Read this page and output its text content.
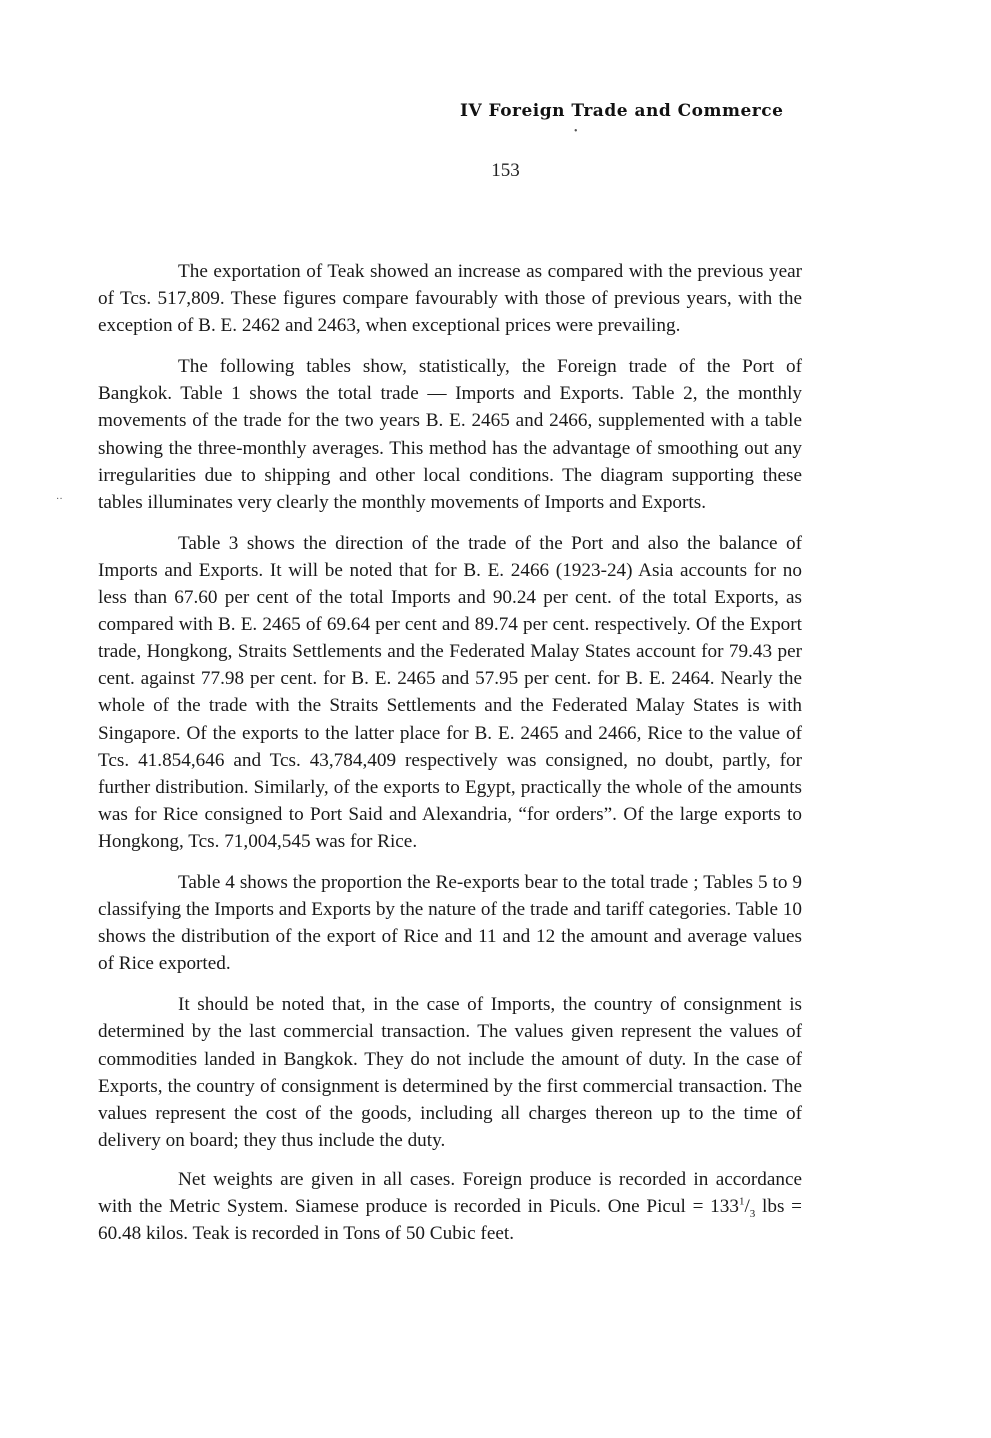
IV Foreign Trade and Commerce
153

The exportation of Teak showed an increase as compared with the previous year of Tcs. 517,809. These figures compare favourably with those of previous years, with the exception of B. E. 2462 and 2463, when exceptional prices were prevailing.

The following tables show, statistically, the Foreign trade of the Port of Bangkok. Table 1 shows the total trade — Imports and Exports. Table 2, the monthly movements of the trade for the two years B. E. 2465 and 2466, supplemented with a table showing the three-monthly averages. This method has the advantage of smoothing out any irregularities due to shipping and other local conditions. The diagram supporting these tables illuminates very clearly the monthly movements of Imports and Exports.

Table 3 shows the direction of the trade of the Port and also the balance of Imports and Exports. It will be noted that for B. E. 2466 (1923-24) Asia accounts for no less than 67.60 per cent of the total Imports and 90.24 per cent. of the total Exports, as compared with B. E. 2465 of 69.64 per cent and 89.74 per cent. respectively. Of the Export trade, Hongkong, Straits Settlements and the Federated Malay States account for 79.43 per cent. against 77.98 per cent. for B. E. 2465 and 57.95 per cent. for B. E. 2464. Nearly the whole of the trade with the Straits Settlements and the Federated Malay States is with Singapore. Of the exports to the latter place for B. E. 2465 and 2466, Rice to the value of Tcs. 41.854,646 and Tcs. 43,784,409 respectively was consigned, no doubt, partly, for further distribution. Similarly, of the exports to Egypt, practically the whole of the amounts was for Rice consigned to Port Said and Alexandria, “for orders”. Of the large exports to Hongkong, Tcs. 71,004,545 was for Rice.

Table 4 shows the proportion the Re-exports bear to the total trade ; Tables 5 to 9 classifying the Imports and Exports by the nature of the trade and tariff categories. Table 10 shows the distribution of the export of Rice and 11 and 12 the amount and average values of Rice exported.

It should be noted that, in the case of Imports, the country of consignment is determined by the last commercial transaction. The values given represent the values of commodities landed in Bangkok. They do not include the amount of duty. In the case of Exports, the country of consignment is determined by the first commercial transaction. The values represent the cost of the goods, including all charges thereon up to the time of delivery on board; they thus include the duty.

Net weights are given in all cases. Foreign produce is recorded in accordance with the Metric System. Siamese produce is recorded in Piculs. One Picul = $133^1/_3$ lbs = 60.48 kilos. Teak is recorded in Tons of 50 Cubic feet.

•
··
